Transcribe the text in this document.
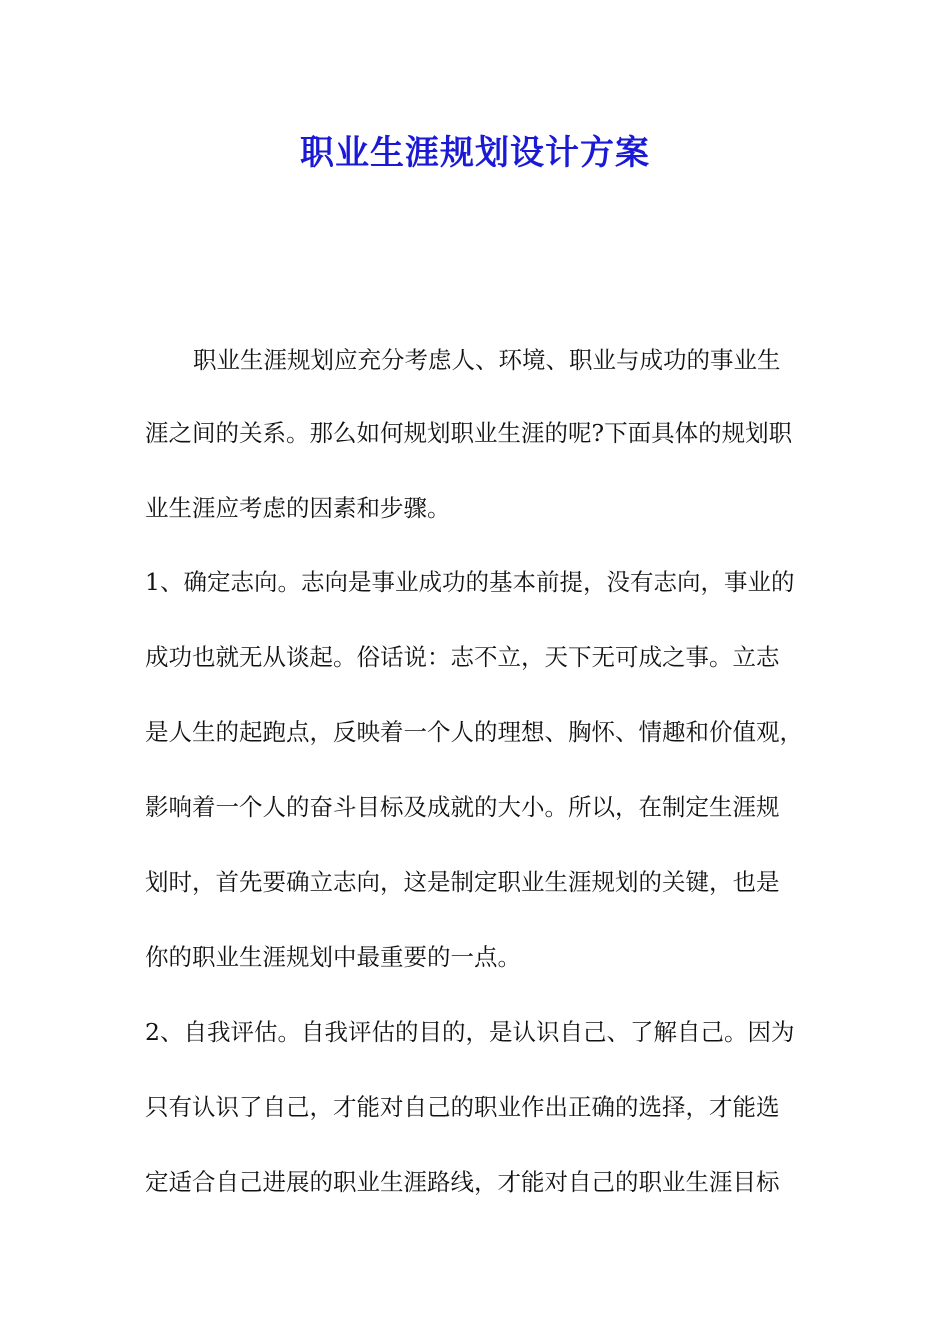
职业生涯规划设计方案

职业生涯规划应充分考虑人、环境、职业与成功的事业生

涯之间的关系。那么如何规划职业生涯的呢?下面具体的规划职

业生涯应考虑的因素和步骤。

1、确定志向。志向是事业成功的基本前提，没有志向，事业的

成功也就无从谈起。俗话说：志不立，天下无可成之事。立志

是人生的起跑点，反映着一个人的理想、胸怀、情趣和价值观，

影响着一个人的奋斗目标及成就的大小。所以，在制定生涯规

划时，首先要确立志向，这是制定职业生涯规划的关键，也是

你的职业生涯规划中最重要的一点。

2、自我评估。自我评估的目的，是认识自己、了解自己。因为

只有认识了自己，才能对自己的职业作出正确的选择，才能选

定适合自己进展的职业生涯路线，才能对自己的职业生涯目标
